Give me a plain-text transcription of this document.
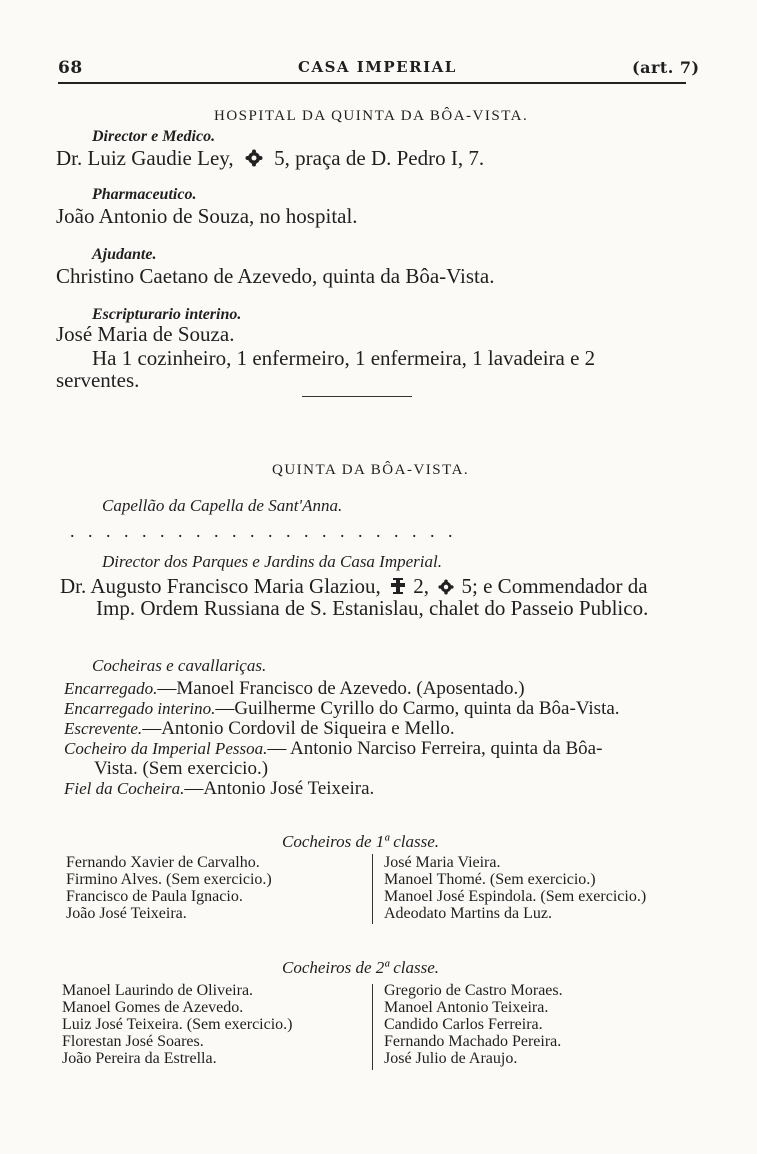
68	CASA IMPERIAL	(art. 7)
HOSPITAL DA QUINTA DA BÔA-VISTA.
Director e Medico.
Dr. Luiz Gaudie Ley, 5, praça de D. Pedro I, 7.
Pharmaceutico.
João Antonio de Souza, no hospital.
Ajudante.
Christino Caetano de Azevedo, quinta da Bôa-Vista.
Escripturario interino.
José Maria de Souza.
Ha 1 cozinheiro, 1 enfermeiro, 1 enfermeira, 1 lavadeira e 2
serventes.
QUINTA DA BÔA-VISTA.
Capellão da Capella de Sant'Anna.
......................
Director dos Parques e Jardins da Casa Imperial.
Dr. Augusto Francisco Maria Glaziou, 2, 5; e Commendador da
Imp. Ordem Russiana de S. Estanislau, chalet do Passeio Publico.
Cocheiras e cavallariças.
Encarregado.—Manoel Francisco de Azevedo. (Aposentado.)
Encarregado interino.—Guilherme Cyrillo do Carmo, quinta da Bôa-Vista.
Escrevente.—Antonio Cordovil de Siqueira e Mello.
Cocheiro da Imperial Pessoa.— Antonio Narciso Ferreira, quinta da Bôa-
Vista. (Sem exercicio.)
Fiel da Cocheira.—Antonio José Teixeira.
Cocheiros de 1ª classe.
Fernando Xavier de Carvalho.
Firmino Alves. (Sem exercicio.)
Francisco de Paula Ignacio.
João José Teixeira.
José Maria Vieira.
Manoel Thomé. (Sem exercicio.)
Manoel José Espindola. (Sem exercicio.)
Adeodato Martins da Luz.
Cocheiros de 2ª classe.
Manoel Laurindo de Oliveira.
Manoel Gomes de Azevedo.
Luiz José Teixeira. (Sem exercicio.)
Florestan José Soares.
João Pereira da Estrella.
Gregorio de Castro Moraes.
Manoel Antonio Teixeira.
Candido Carlos Ferreira.
Fernando Machado Pereira.
José Julio de Araujo.
